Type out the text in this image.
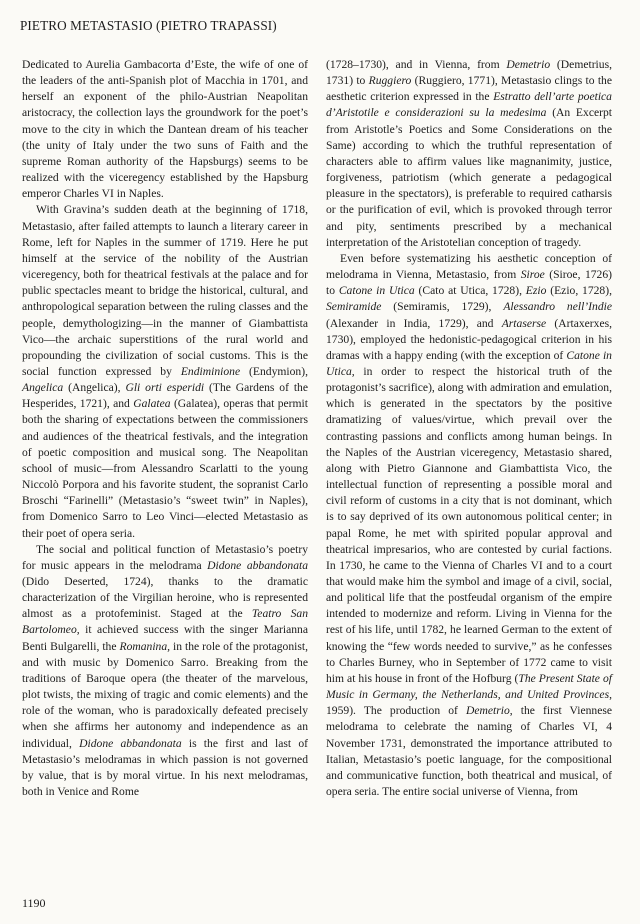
PIETRO METASTASIO (PIETRO TRAPASSI)

Dedicated to Aurelia Gambacorta d’Este, the wife of one of the leaders of the anti-Spanish plot of Macchia in 1701, and herself an exponent of the philo-Austrian Neapolitan aristocracy, the collection lays the groundwork for the poet’s move to the city in which the Dantean dream of his teacher (the unity of Italy under the two suns of Faith and the supreme Roman authority of the Hapsburgs) seems to be realized with the viceregency established by the Hapsburg emperor Charles VI in Naples.

With Gravina’s sudden death at the beginning of 1718, Metastasio, after failed attempts to launch a literary career in Rome, left for Naples in the summer of 1719. Here he put himself at the service of the nobility of the Austrian viceregency, both for theatrical festivals at the palace and for public spectacles meant to bridge the historical, cultural, and anthropological separation between the ruling classes and the people, demythologizing—in the manner of Giambattista Vico—the archaic superstitions of the rural world and propounding the civilization of social customs. This is the social function expressed by Endiminione (Endymion), Angelica (Angelica), Gli orti esperidi (The Gardens of the Hesperides, 1721), and Galatea (Galatea), operas that permit both the sharing of expectations between the commissioners and audiences of the theatrical festivals, and the integration of poetic composition and musical song. The Neapolitan school of music—from Alessandro Scarlatti to the young Niccolò Porpora and his favorite student, the sopranist Carlo Broschi “Farinelli” (Metastasio’s “sweet twin” in Naples), from Domenico Sarro to Leo Vinci—elected Metastasio as their poet of opera seria.

The social and political function of Metastasio’s poetry for music appears in the melodrama Didone abbandonata (Dido Deserted, 1724), thanks to the dramatic characterization of the Virgilian heroine, who is represented almost as a protofeminist. Staged at the Teatro San Bartolomeo, it achieved success with the singer Marianna Benti Bulgarelli, the Romanina, in the role of the protagonist, and with music by Domenico Sarro. Breaking from the traditions of Baroque opera (the theater of the marvelous, plot twists, the mixing of tragic and comic elements) and the role of the woman, who is paradoxically defeated precisely when she affirms her autonomy and independence as an individual, Didone abbandonata is the first and last of Metastasio’s melodramas in which passion is not governed by value, that is by moral virtue. In his next melodramas, both in Venice and Rome

(1728–1730), and in Vienna, from Demetrio (Demetrius, 1731) to Ruggiero (Ruggiero, 1771), Metastasio clings to the aesthetic criterion expressed in the Estratto dell’arte poetica d’Aristotile e considerazioni su la medesima (An Excerpt from Aristotle’s Poetics and Some Considerations on the Same) according to which the truthful representation of characters able to affirm values like magnanimity, justice, forgiveness, patriotism (which generate a pedagogical pleasure in the spectators), is preferable to required catharsis or the purification of evil, which is provoked through terror and pity, sentiments prescribed by a mechanical interpretation of the Aristotelian conception of tragedy.

Even before systematizing his aesthetic conception of melodrama in Vienna, Metastasio, from Siroe (Siroe, 1726) to Catone in Utica (Cato at Utica, 1728), Ezio (Ezio, 1728), Semiramide (Semiramis, 1729), Alessandro nell’Indie (Alexander in India, 1729), and Artaserse (Artaxerxes, 1730), employed the hedonistic-pedagogical criterion in his dramas with a happy ending (with the exception of Catone in Utica, in order to respect the historical truth of the protagonist’s sacrifice), along with admiration and emulation, which is generated in the spectators by the positive dramatizing of values/virtue, which prevail over the contrasting passions and conflicts among human beings. In the Naples of the Austrian viceregency, Metastasio shared, along with Pietro Giannone and Giambattista Vico, the intellectual function of representing a possible moral and civil reform of customs in a city that is not dominant, which is to say deprived of its own autonomous political center; in papal Rome, he met with spirited popular approval and theatrical impresarios, who are contested by curial factions. In 1730, he came to the Vienna of Charles VI and to a court that would make him the symbol and image of a civil, social, and political life that the postfeudal organism of the empire intended to modernize and reform. Living in Vienna for the rest of his life, until 1782, he learned German to the extent of knowing the “few words needed to survive,” as he confesses to Charles Burney, who in September of 1772 came to visit him at his house in front of the Hofburg (The Present State of Music in Germany, the Netherlands, and United Provinces, 1959). The production of Demetrio, the first Viennese melodrama to celebrate the naming of Charles VI, 4 November 1731, demonstrated the importance attributed to Italian, Metastasio’s poetic language, for the compositional and communicative function, both theatrical and musical, of opera seria. The entire social universe of Vienna, from

1190
